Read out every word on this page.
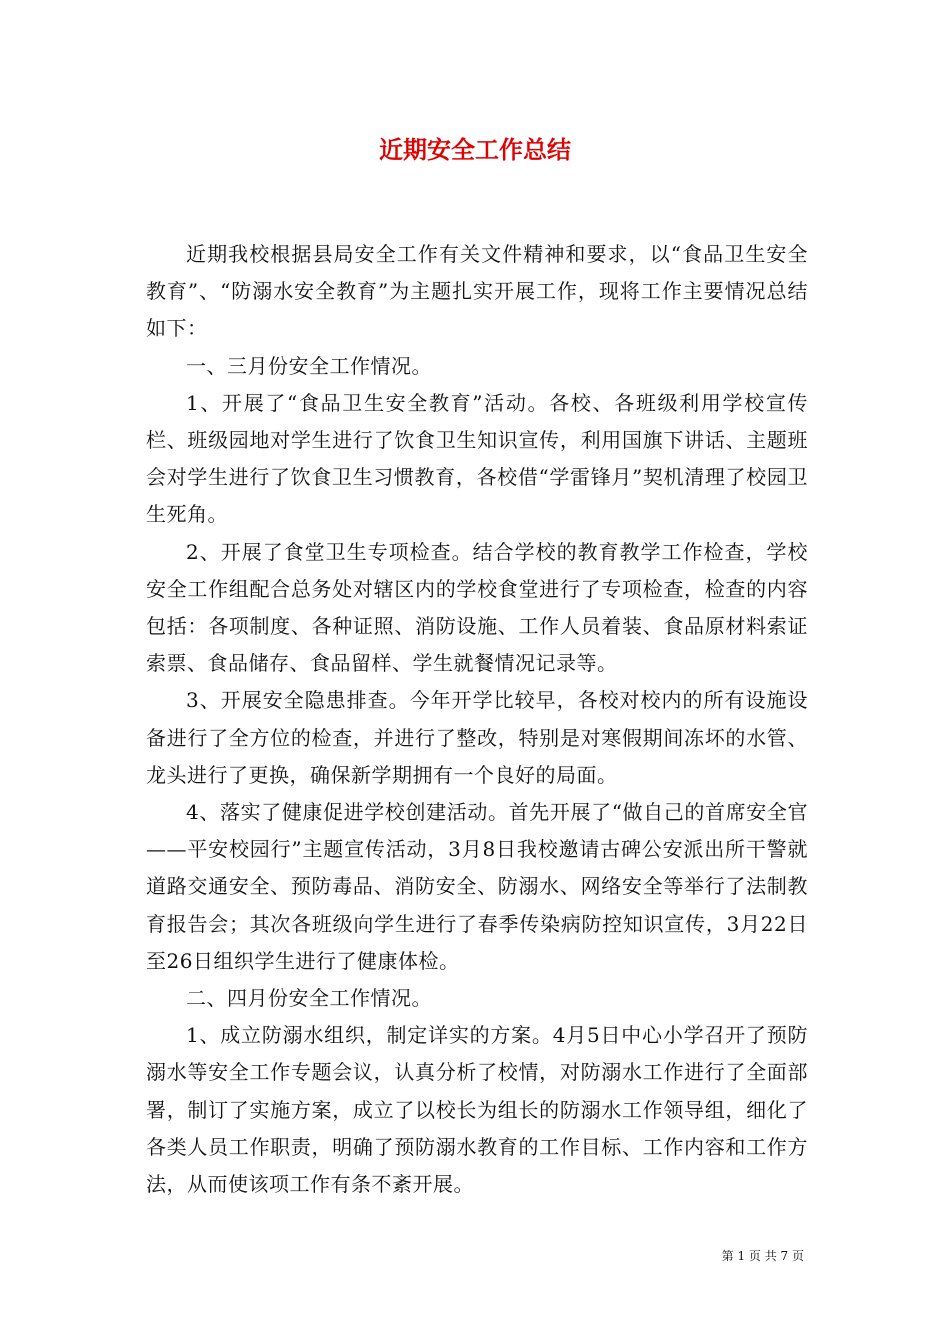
近期安全工作总结

近期我校根据县局安全工作有关文件精神和要求，以“食品卫生安全教育”、“防溺水安全教育”为主题扎实开展工作，现将工作主要情况总结如下：

一、三月份安全工作情况。

1、开展了“食品卫生安全教育”活动。各校、各班级利用学校宣传栏、班级园地对学生进行了饮食卫生知识宣传，利用国旗下讲话、主题班会对学生进行了饮食卫生习惯教育，各校借“学雷锋月”契机清理了校园卫生死角。

2、开展了食堂卫生专项检查。结合学校的教育教学工作检查，学校安全工作组配合总务处对辖区内的学校食堂进行了专项检查，检查的内容包括：各项制度、各种证照、消防设施、工作人员着装、食品原材料索证索票、食品储存、食品留样、学生就餐情况记录等。

3、开展安全隐患排查。今年开学比较早，各校对校内的所有设施设备进行了全方位的检查，并进行了整改，特别是对寒假期间冻坏的水管、龙头进行了更换，确保新学期拥有一个良好的局面。

4、落实了健康促进学校创建活动。首先开展了“做自己的首席安全官——平安校园行”主题宣传活动，3月8日我校邀请古碑公安派出所干警就道路交通安全、预防毒品、消防安全、防溺水、网络安全等举行了法制教育报告会；其次各班级向学生进行了春季传染病防控知识宣传，3月22日至26日组织学生进行了健康体检。

二、四月份安全工作情况。

1、成立防溺水组织，制定详实的方案。4月5日中心小学召开了预防溺水等安全工作专题会议，认真分析了校情，对防溺水工作进行了全面部署，制订了实施方案，成立了以校长为组长的防溺水工作领导组，细化了各类人员工作职责，明确了预防溺水教育的工作目标、工作内容和工作方法，从而使该项工作有条不紊开展。

第 1 页 共 7 页
